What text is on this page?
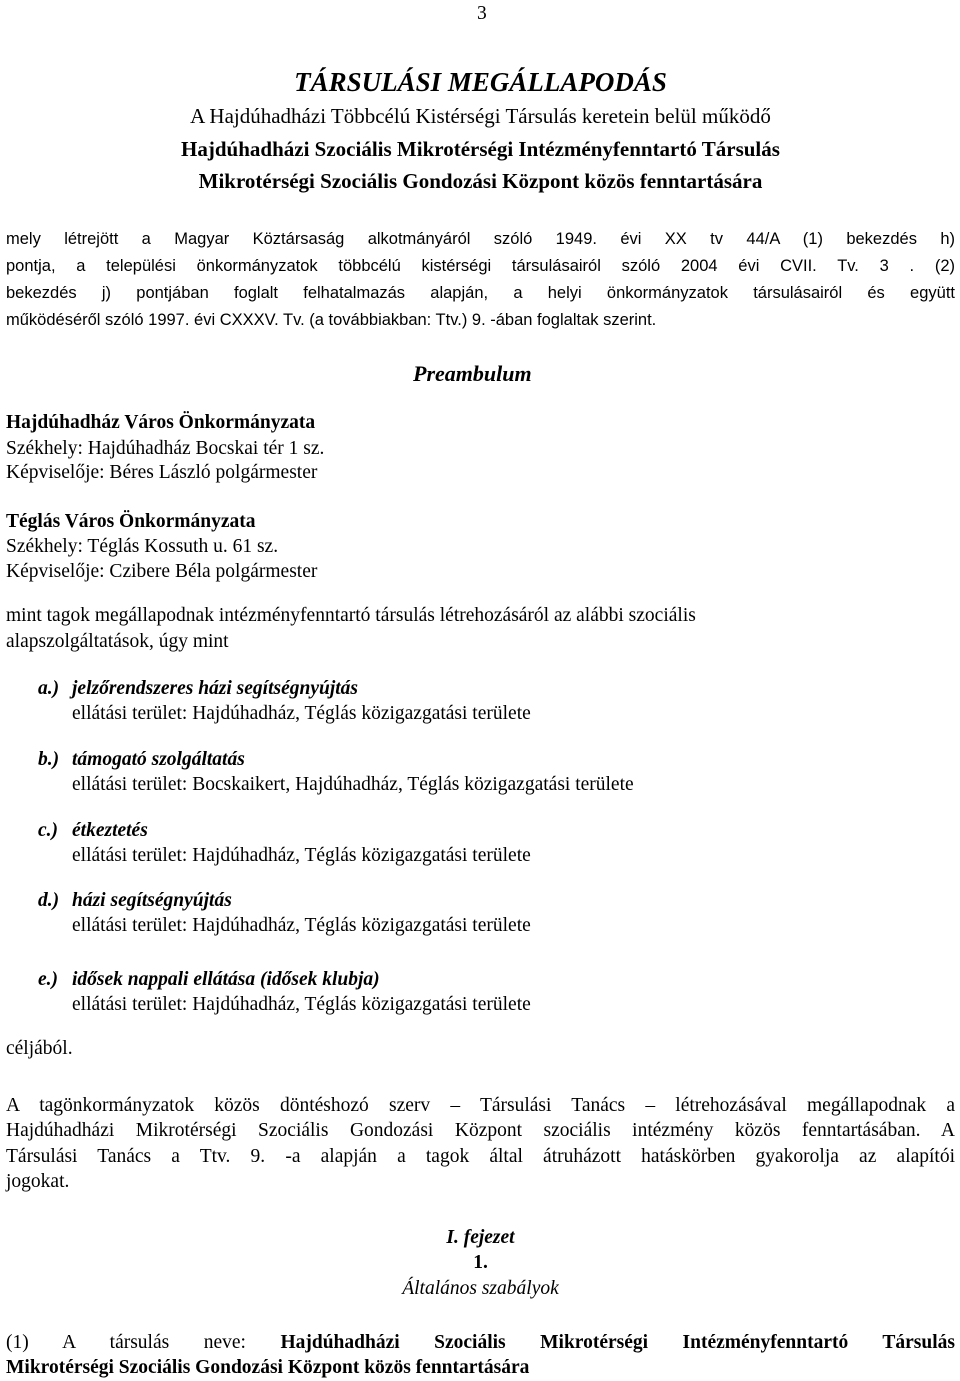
3
TÁRSULÁSI MEGÁLLAPODÁS
A Hajdúhadházi Többcélú Kistérségi Társulás keretein belül működő
Hajdúhadházi Szociális Mikrotérségi Intézményfenntartó Társulás
Mikrotérségi Szociális Gondozási Központ közös fenntartására
mely létrejött a Magyar Köztársaság alkotmányáról szóló 1949. évi XX tv 44/A (1) bekezdés h)
pontja, a települési önkormányzatok többcélú kistérségi társulásairól szóló 2004 évi CVII. Tv. 3 . (2)
bekezdés j) pontjában foglalt felhatalmazás alapján, a helyi önkormányzatok társulásairól és együtt
működéséről szóló 1997. évi CXXXV. Tv. (a továbbiakban: Ttv.) 9. -ában foglaltak szerint.
Preambulum
Hajdúhadház Város Önkormányzata
Székhely: Hajdúhadház Bocskai tér 1 sz.
Képviselője: Béres László polgármester
Téglás Város Önkormányzata
Székhely: Téglás Kossuth u. 61 sz.
Képviselője: Czibere Béla polgármester
mint tagok megállapodnak intézményfenntartó társulás létrehozásáról az alábbi szociális
alapszolgáltatások, úgy mint
a.) jelzőrendszeres házi segítségnyújtás
ellátási terület: Hajdúhadház, Téglás közigazgatási területe
b.) támogató szolgáltatás
ellátási terület: Bocskaikert, Hajdúhadház, Téglás közigazgatási területe
c.) étkeztetés
ellátási terület: Hajdúhadház, Téglás közigazgatási területe
d.) házi segítségnyújtás
ellátási terület: Hajdúhadház, Téglás közigazgatási területe
e.) idősek nappali ellátása (idősek klubja)
ellátási terület: Hajdúhadház, Téglás közigazgatási területe
céljából.
A tagönkormányzatok közös döntéshozó szerv – Társulási Tanács – létrehozásával megállapodnak a
Hajdúhadházi Mikrotérségi Szociális Gondozási Központ szociális intézmény közös fenntartásában. A
Társulási Tanács a Ttv. 9. -a alapján a tagok által átruházott hatáskörben gyakorolja az alapítói
jogokat.
I. fejezet
1.
Általános szabályok
(1) A társulás neve: Hajdúhadházi Szociális Mikrotérségi Intézményfenntartó Társulás
Mikrotérségi Szociális Gondozási Központ közös fenntartására
